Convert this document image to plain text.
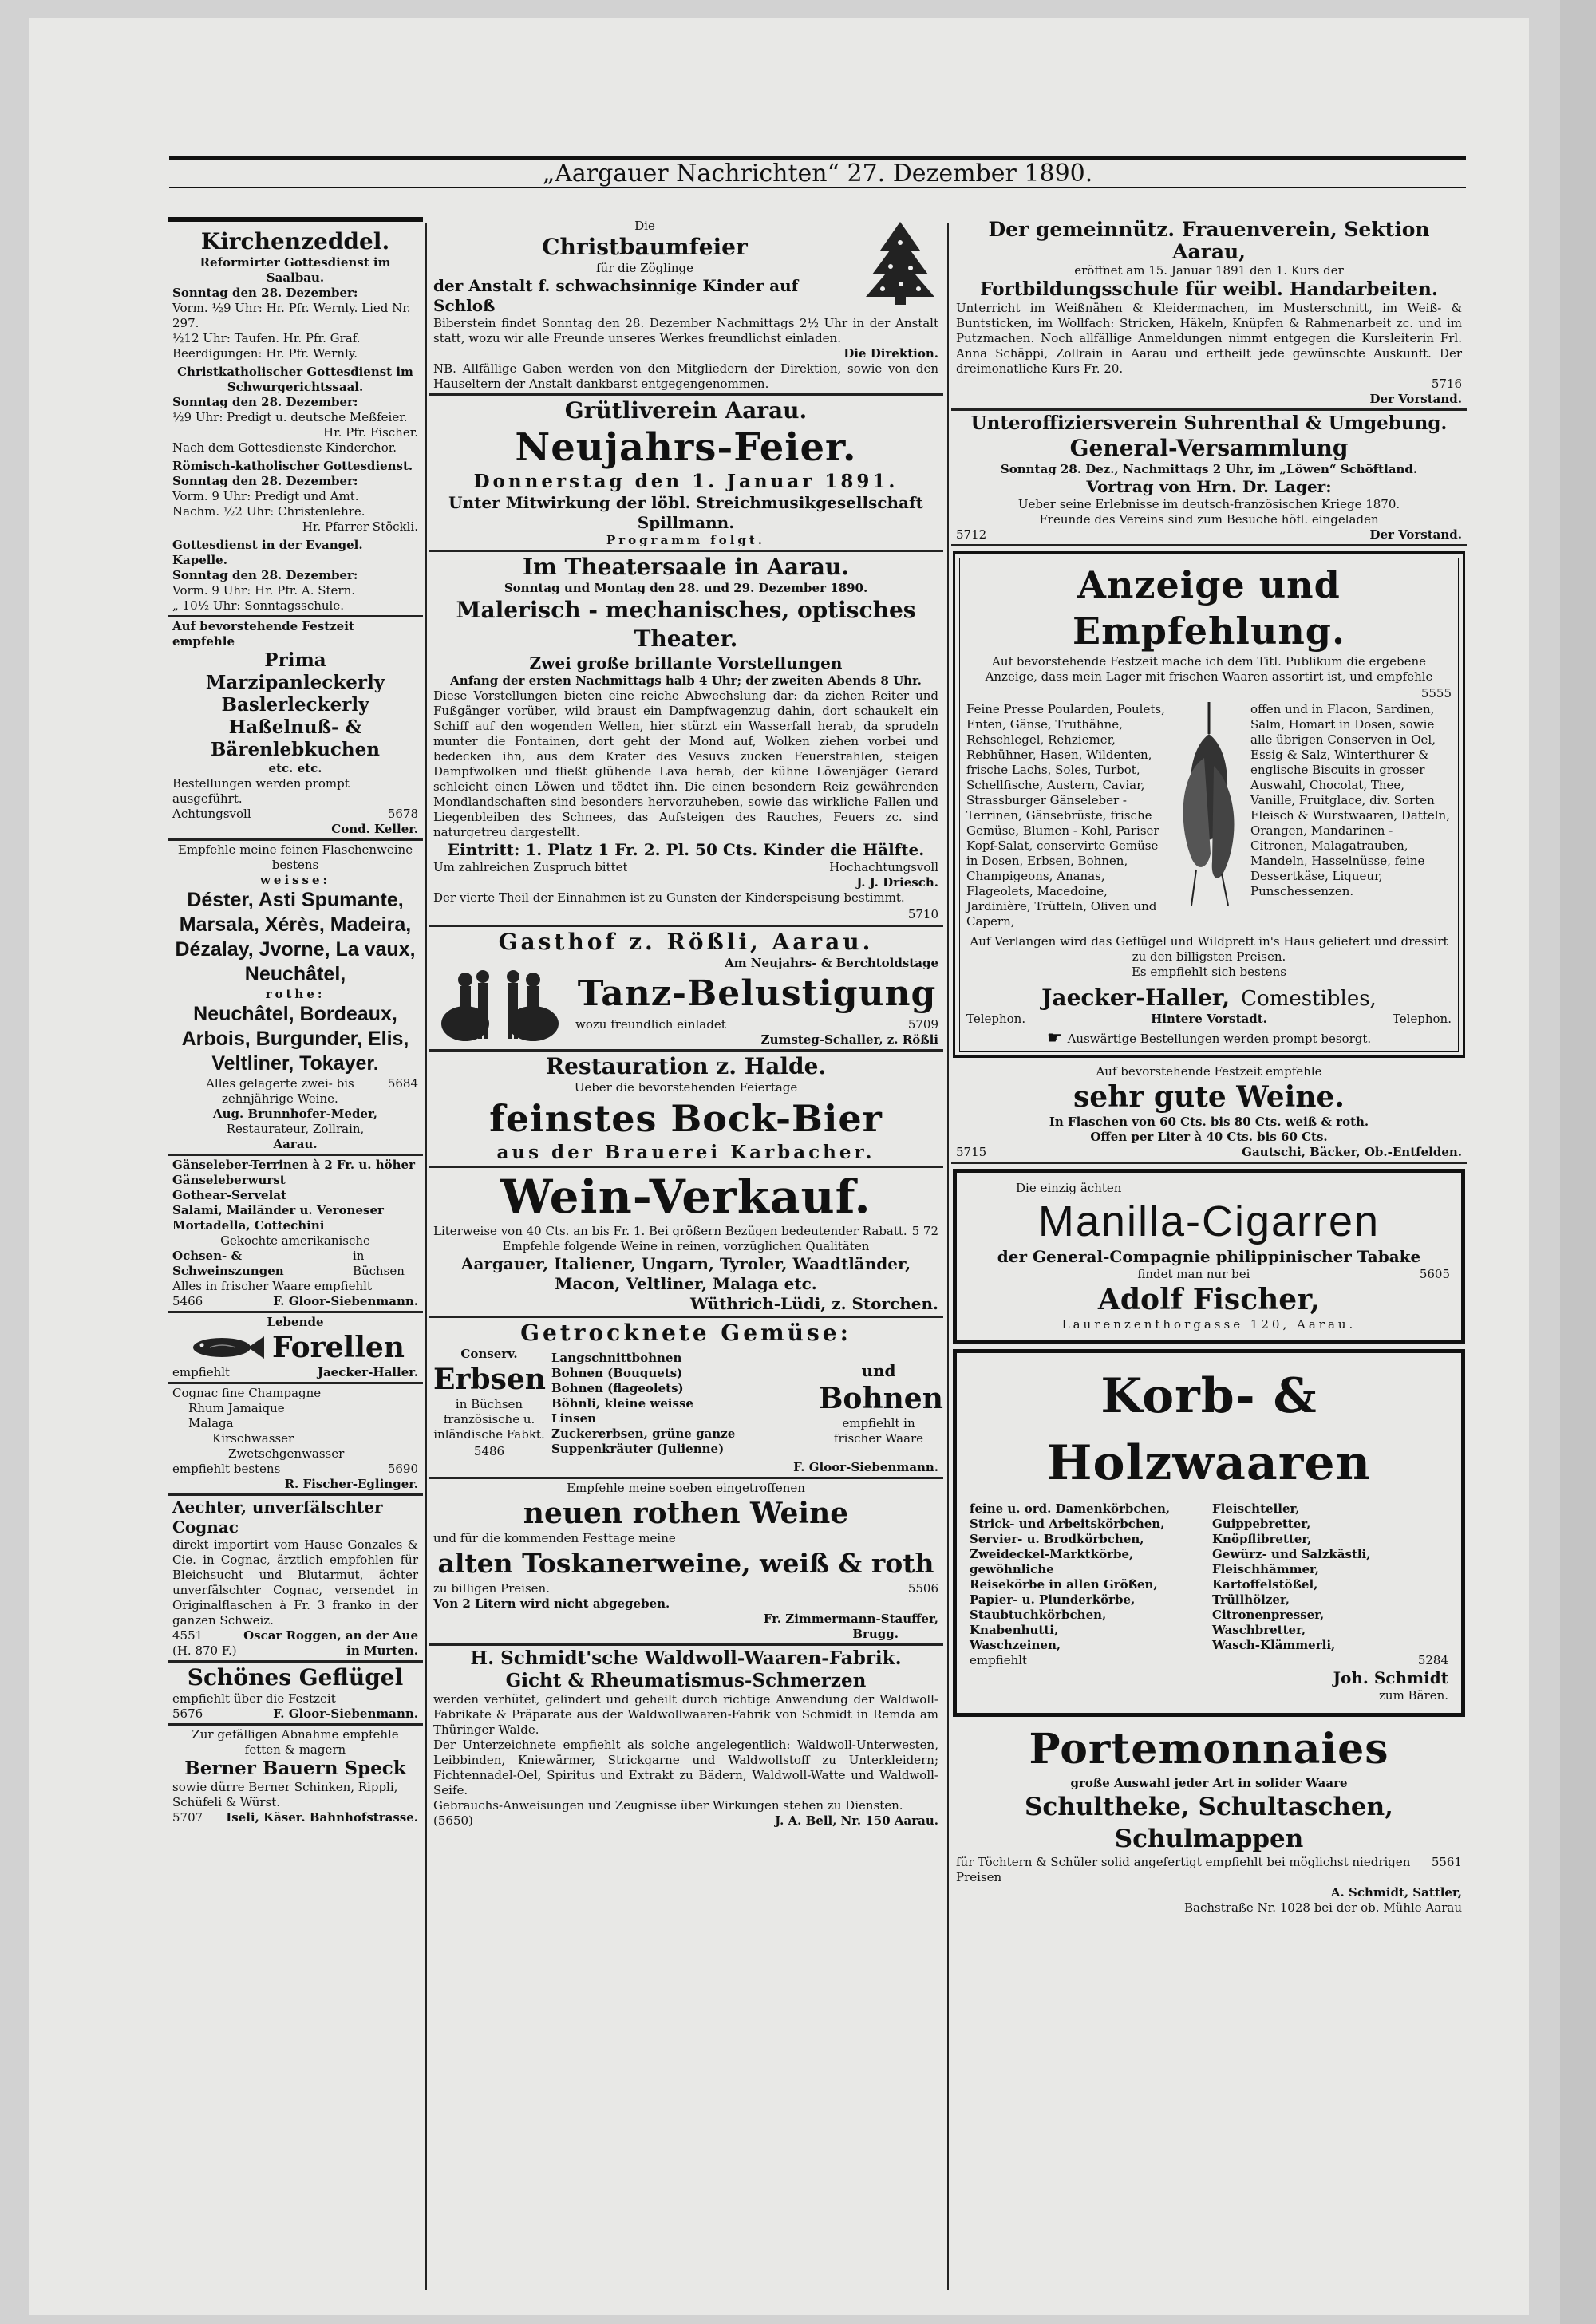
„Aargauer Nachrichten“ 27. Dezember 1890.
Kirchenzeddel.
Reformirter Gottesdienst im Saalbau.
Sonntag den 28. Dezember:
Vorm. ½9 Uhr: Hr. Pfr. Wernly. Lied Nr. 297.
½12 Uhr: Taufen. Hr. Pfr. Graf.
Beerdigungen: Hr. Pfr. Wernly.
Christkatholischer Gottesdienst im Schwurgerichtssaal.
Sonntag den 28. Dezember:
½9 Uhr: Predigt u. deutsche Meßfeier.
Hr. Pfr. Fischer.
Nach dem Gottesdienste Kinderchor.
Römisch-katholischer Gottesdienst.
Sonntag den 28. Dezember:
Vorm. 9 Uhr: Predigt und Amt.
Nachm. ½2 Uhr: Christenlehre.
Hr. Pfarrer Stöckli.
Gottesdienst in der Evangel. Kapelle.
Sonntag den 28. Dezember:
Vorm. 9 Uhr: Hr. Pfr. A. Stern.
„ 10½ Uhr: Sonntagsschule.
Auf bevorstehende Festzeit empfehle
Prima Marzipanleckerly
Baslerleckerly
Haßelnuß- & Bärenlebkuchen
etc. etc.
Bestellungen werden prompt ausgeführt.
Achtungsvoll	5678
Cond. Keller.
Empfehle meine feinen Flaschenweine bestens
weisse:
Déster, Asti Spumante,
Marsala, Xérès, Madeira,
Dézalay, Jvorne, La vaux,
Neuchâtel,
rothe:
Neuchâtel, Bordeaux,
Arbois, Burgunder, Elis,
Veltliner, Tokayer.
Alles gelagerte zwei- bis zehnjährige Weine.
5684
Aug. Brunnhofer-Meder,
Restaurateur, Zollrain,
Aarau.
Gänseleber-Terrinen à 2 Fr. u. höher
Gänseleberwurst
Gothear-Servelat
Salami, Mailänder u. Veroneser
Mortadella, Cottechini
Gekochte amerikanische
Ochsen- & Schweinszungen
in Büchsen
Alles in frischer Waare empfiehlt
5466	F. Gloor-Siebenmann.
Lebende
Forellen
empfiehlt	Jaecker-Haller.
Cognac fine Champagne
Rhum Jamaique
Malaga
Kirschwasser
Zwetschgenwasser
empfiehlt bestens	5690
R. Fischer-Eglinger.
Aechter, unverfälschter Cognac
direkt importirt vom Hause Gonzales & Cie. in Cognac, ärztlich empfohlen für Bleichsucht und Blutarmut, ächter unverfälschter Cognac, versendet in Originalflaschen à Fr. 3 franko in der ganzen Schweiz.
4551	Oscar Roggen, an der Aue
(H. 870 F.)	in Murten.
Schönes Geflügel
empfiehlt über die Festzeit
5676	F. Gloor-Siebenmann.
Zur gefälligen Abnahme empfehle fetten & magern
Berner Bauern Speck
sowie dürre Berner Schinken, Rippli, Schüfeli & Würst.
5707 Iseli, Käser. Bahnhofstrasse.
Die
Christbaumfeier
für die Zöglinge
der Anstalt f. schwachsinnige Kinder auf Schloß
Biberstein findet Sonntag den 28. Dezember Nachmittags 2½ Uhr in der Anstalt statt, wozu wir alle Freunde unseres Werkes freundlichst einladen.
Die Direktion.
NB. Allfällige Gaben werden von den Mitgliedern der Direktion, sowie von den Hauseltern der Anstalt dankbarst entgegengenommen.
Grütliverein Aarau.
Neujahrs-Feier.
Donnerstag den 1. Januar 1891.
Unter Mitwirkung der löbl. Streichmusikgesellschaft Spillmann.
Programm folgt.
Im Theatersaale in Aarau.
Sonntag und Montag den 28. und 29. Dezember 1890.
Malerisch - mechanisches, optisches Theater.
Zwei große brillante Vorstellungen
Anfang der ersten Nachmittags halb 4 Uhr; der zweiten Abends 8 Uhr.
Diese Vorstellungen bieten eine reiche Abwechslung dar: da ziehen Reiter und Fußgänger vorüber, wild braust ein Dampfwagenzug dahin, dort schaukelt ein Schiff auf den wogenden Wellen, hier stürzt ein Wasserfall herab, da sprudeln munter die Fontainen, dort geht der Mond auf, Wolken ziehen vorbei und bedecken ihn, aus dem Krater des Vesuvs zucken Feuerstrahlen, steigen Dampfwolken und fließt glühende Lava herab, der kühne Löwenjäger Gerard schleicht einen Löwen und tödtet ihn. Die einen besondern Reiz gewährenden Mondlandschaften sind besonders hervorzuheben, sowie das wirkliche Fallen und Liegenbleiben des Schnees, das Aufsteigen des Rauches, Feuers zc. sind naturgetreu dargestellt.
Eintritt: 1. Platz 1 Fr. 2. Pl. 50 Cts. Kinder die Hälfte.
Um zahlreichen Zuspruch bittet	Hochachtungsvoll
J. J. Driesch.
Der vierte Theil der Einnahmen ist zu Gunsten der Kinderspeisung bestimmt.
5710
Gasthof z. Rößli, Aarau.
Am Neujahrs- & Berchtoldstage
Tanz-Belustigung
wozu freundlich einladet	5709
Zumsteg-Schaller, z. Rößli
Restauration z. Halde.
Ueber die bevorstehenden Feiertage
feinstes Bock-Bier
aus der Brauerei Karbacher.
Wein-Verkauf.
Literweise von 40 Cts. an bis Fr. 1. Bei größern Bezügen bedeutender Rabatt. 5 72
Empfehle folgende Weine in reinen, vorzüglichen Qualitäten
Aargauer, Italiener, Ungarn, Tyroler, Waadtländer, Macon, Veltliner, Malaga etc.
Wüthrich-Lüdi, z. Storchen.
Getrocknete Gemüse:
Conserv.
Erbsen
in Büchsen französische u. inländische Fabkt.
5486
Langschnittbohnen
Bohnen (Bouquets)
Bohnen (flageolets)
Böhnli, kleine weisse
Linsen
Zuckererbsen, grüne ganze
Suppenkräuter (Julienne)
und
Bohnen
empfiehlt in frischer Waare
F. Gloor-Siebenmann.
Empfehle meine soeben eingetroffenen
neuen rothen Weine
und für die kommenden Festtage meine
alten Toskanerweine, weiß & roth
zu billigen Preisen.	5506
Von 2 Litern wird nicht abgegeben.
Fr. Zimmermann-Stauffer,
Brugg.
H. Schmidt'sche Waldwoll-Waaren-Fabrik.
Gicht & Rheumatismus-Schmerzen
werden verhütet, gelindert und geheilt durch richtige Anwendung der Waldwoll-Fabrikate & Präparate aus der Waldwollwaaren-Fabrik von Schmidt in Remda am Thüringer Walde.
Der Unterzeichnete empfiehlt als solche angelegentlich: Waldwoll-Unterwesten, Leibbinden, Kniewärmer, Strickgarne und Waldwollstoff zu Unterkleidern; Fichtennadel-Oel, Spiritus und Extrakt zu Bädern, Waldwoll-Watte und Waldwoll-Seife.
Gebrauchs-Anweisungen und Zeugnisse über Wirkungen stehen zu Diensten.
(5650)	J. A. Bell, Nr. 150 Aarau.
Der gemeinnütz. Frauenverein, Sektion Aarau,
eröffnet am 15. Januar 1891 den 1. Kurs der
Fortbildungsschule für weibl. Handarbeiten.
Unterricht im Weißnähen & Kleidermachen, im Musterschnitt, im Weiß- & Buntsticken, im Wollfach: Stricken, Häkeln, Knüpfen & Rahmenarbeit zc. und im Putzmachen. Noch allfällige Anmeldungen nimmt entgegen die Kursleiterin Frl. Anna Schäppi, Zollrain in Aarau und ertheilt jede gewünschte Auskunft. Der dreimonatliche Kurs Fr. 20.
5716
Der Vorstand.
Unteroffiziersverein Suhrenthal & Umgebung.
General-Versammlung
Sonntag 28. Dez., Nachmittags 2 Uhr, im „Löwen“ Schöftland.
Vortrag von Hrn. Dr. Lager:
Ueber seine Erlebnisse im deutsch-französischen Kriege 1870.
Freunde des Vereins sind zum Besuche höfl. eingeladen
5712	Der Vorstand.
Anzeige und Empfehlung.
Auf bevorstehende Festzeit mache ich dem Titl. Publikum die ergebene Anzeige, dass mein Lager mit frischen Waaren assortirt ist, und empfehle
5555
Feine Presse Poularden, Poulets, Enten, Gänse, Truthähne, Rehschlegel, Rehziemer, Rebhühner, Hasen, Wildenten, frische Lachs, Soles, Turbot, Schellfische, Austern, Caviar, Strassburger Gänseleber - Terrinen, Gänsebrüste, frische Gemüse, Blumen - Kohl, Pariser Kopf-Salat, conservirte Gemüse in Dosen, Erbsen, Bohnen, Champigeons, Ananas, Flageolets, Macedoine, Jardinière, Trüffeln, Oliven und Capern,
offen und in Flacon, Sardinen, Salm, Homart in Dosen, sowie alle übrigen Conserven in Oel, Essig & Salz, Winterthurer & englische Biscuits in grosser Auswahl, Chocolat, Thee, Vanille, Fruitglace, div. Sorten Fleisch & Wurstwaaren, Datteln, Orangen, Mandarinen - Citronen, Malagatrauben, Mandeln, Hasselnüsse, feine Dessertkäse, Liqueur, Punschessenzen.
Auf Verlangen wird das Geflügel und Wildprett in's Haus geliefert und dressirt zu den billigsten Preisen.
Es empfiehlt sich bestens
Jaecker-Haller, Comestibles,
Telephon.	Hintere Vorstadt.	Telephon.
☛ Auswärtige Bestellungen werden prompt besorgt.
Auf bevorstehende Festzeit empfehle
sehr gute Weine.
In Flaschen von 60 Cts. bis 80 Cts. weiß & roth.
Offen per Liter à 40 Cts. bis 60 Cts.
5715	Gautschi, Bäcker, Ob.-Entfelden.
Die einzig ächten
Manilla-Cigarren
der General-Compagnie philippinischer Tabake
findet man nur bei	5605
Adolf Fischer,
Laurenzenthorgasse 120, Aarau.
Korb- & Holzwaaren
feine u. ord. Damenkörbchen,
Strick- und Arbeitskörbchen,
Servier- u. Brodkörbchen,
Zweideckel-Marktkörbe,
gewöhnliche
Reisekörbe in allen Größen,
Papier- u. Plunderkörbe,
Staubtuchkörbchen,
Knabenhutti,
Waschzeinen,
Fleischteller,
Guippebretter,
Knöpflibretter,
Gewürz- und Salzkästli,
Fleischhämmer,
Kartoffelstößel,
Trüllhölzer,
Citronenpresser,
Waschbretter,
Wasch-Klämmerli,
empfiehlt	5284
Joh. Schmidt
zum Bären.
Portemonnaies
große Auswahl jeder Art in solider Waare
Schultheke, Schultaschen, Schulmappen
für Töchtern & Schüler solid angefertigt empfiehlt bei möglichst niedrigen Preisen
5561
A. Schmidt, Sattler,
Bachstraße Nr. 1028 bei der ob. Mühle Aarau
